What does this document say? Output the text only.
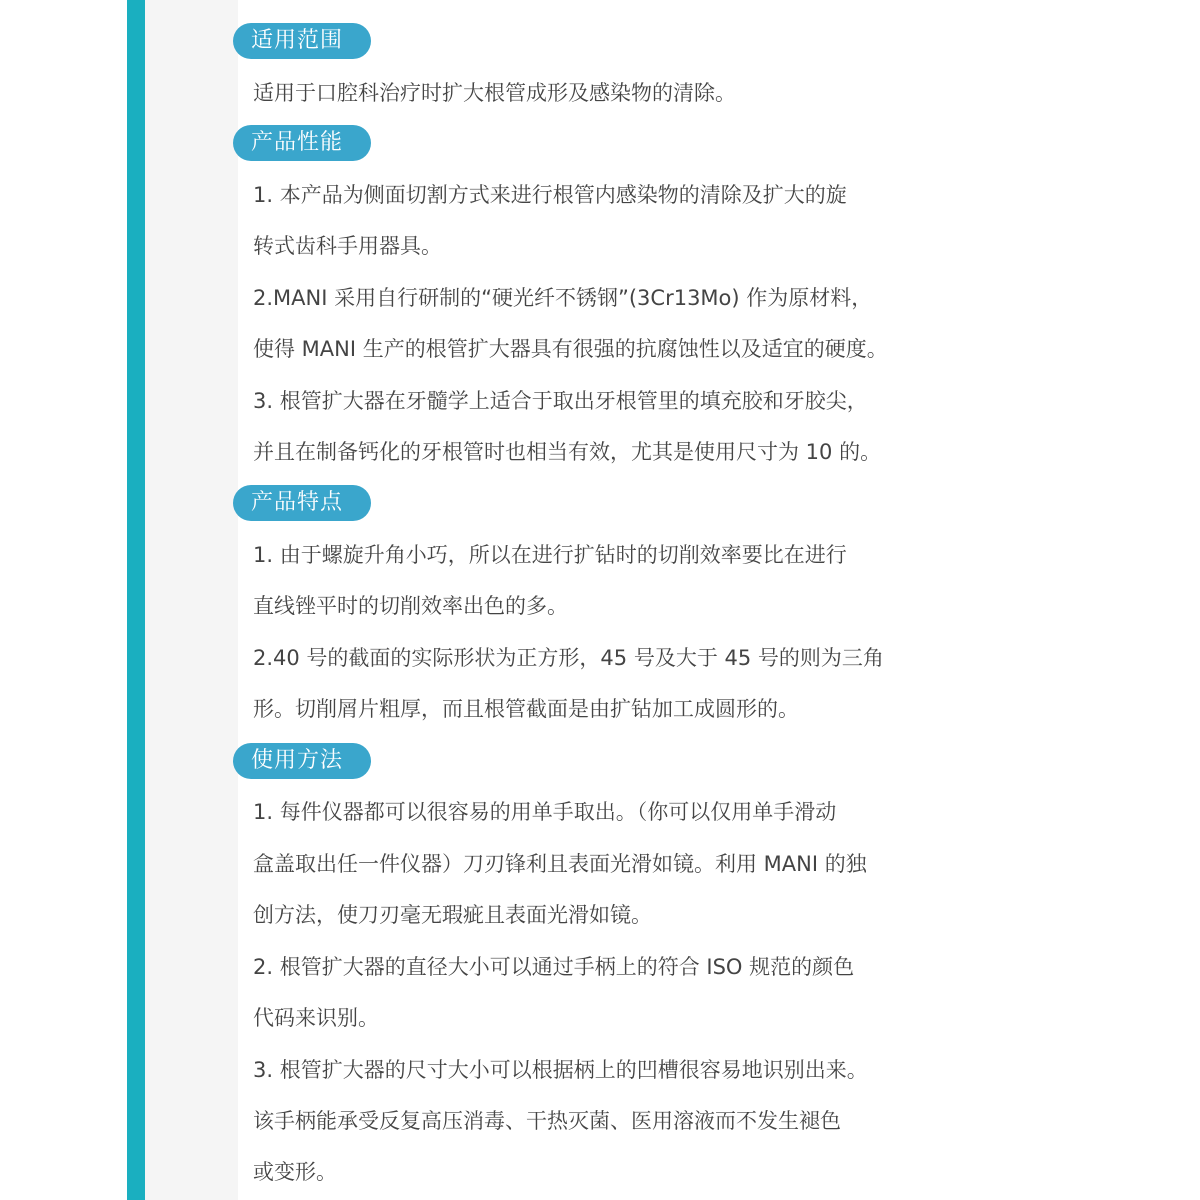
适用范围
适用于口腔科治疗时扩大根管成形及感染物的清除。
产品性能
1. 本产品为侧面切割方式来进行根管内感染物的清除及扩大的旋
转式齿科手用器具。
2.MANI 采用自行研制的“硬光纤不锈钢”(3Cr13Mo) 作为原材料，
使得 MANI 生产的根管扩大器具有很强的抗腐蚀性以及适宜的硬度。
3. 根管扩大器在牙髓学上适合于取出牙根管里的填充胶和牙胶尖，
并且在制备钙化的牙根管时也相当有效，尤其是使用尺寸为 10 的。
产品特点
1. 由于螺旋升角小巧，所以在进行扩钻时的切削效率要比在进行
直线锉平时的切削效率出色的多。
2.40 号的截面的实际形状为正方形，45 号及大于 45 号的则为三角
形。切削屑片粗厚，而且根管截面是由扩钻加工成圆形的。
使用方法
1. 每件仪器都可以很容易的用单手取出。（你可以仅用单手滑动
盒盖取出任一件仪器）刀刃锋利且表面光滑如镜。利用 MANI 的独
创方法，使刀刃毫无瑕疵且表面光滑如镜。
2. 根管扩大器的直径大小可以通过手柄上的符合 ISO 规范的颜色
代码来识别。
3. 根管扩大器的尺寸大小可以根据柄上的凹槽很容易地识别出来。
该手柄能承受反复高压消毒、干热灭菌、医用溶液而不发生褪色
或变形。
